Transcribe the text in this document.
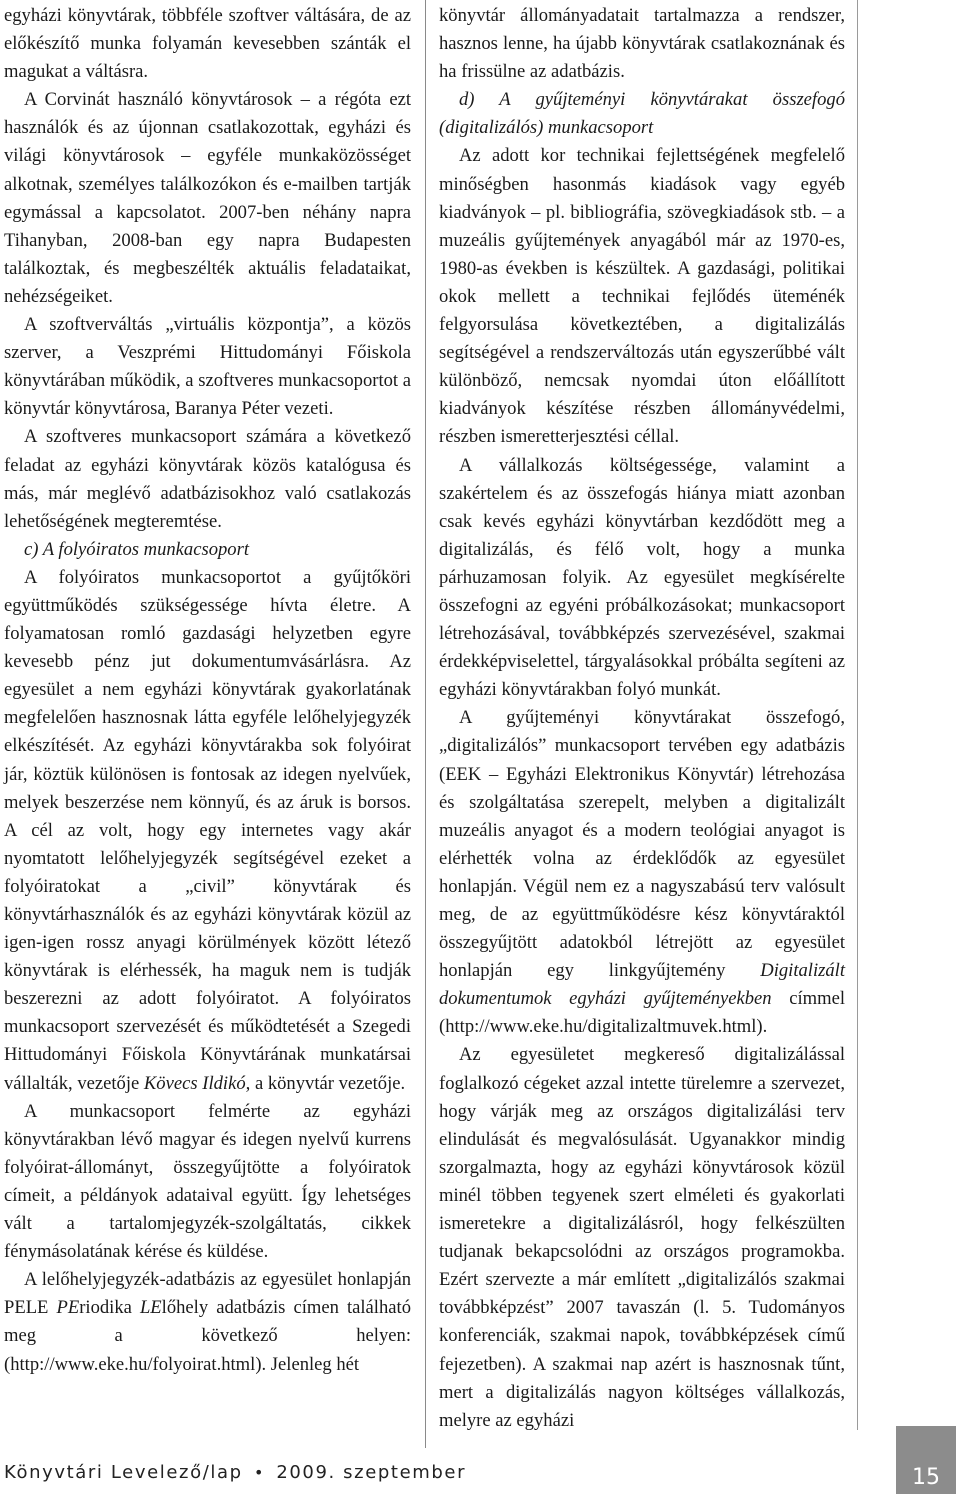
egyházi könyvtárak, többféle szoftver váltására, de az előkészítő munka folyamán kevesebben szánták el magukat a váltásra.

A Corvinát használó könyvtárosok – a régóta ezt használók és az újonnan csatlakozottak, egyházi és világi könyvtárosok – egyféle munkaközösséget alkotnak, személyes találkozókon és e-mailben tartják egymással a kapcsolatot. 2007-ben néhány napra Tihanyban, 2008-ban egy napra Budapesten találkoztak, és megbeszélték aktuális feladataikat, nehézségeiket.

A szoftverváltás „virtuális központja”, a közös szerver, a Veszprémi Hittudományi Főiskola könyvtárában működik, a szoftveres munkacsoportot a könyvtár könyvtárosa, Baranya Péter vezeti.

A szoftveres munkacsoport számára a következő feladat az egyházi könyvtárak közös katalógusa és más, már meglévő adatbázisokhoz való csatlakozás lehetőségének megteremtése.

c) A folyóiratos munkacsoport

A folyóiratos munkacsoportot a gyűjtőköri együttműködés szükségessége hívta életre. A folyamatosan romló gazdasági helyzetben egyre kevesebb pénz jut dokumentumvásárlásra. Az egyesület a nem egyházi könyvtárak gyakorlatának megfelelően hasznosnak látta egyféle lelőhelyjegyzék elkészítését. Az egyházi könyvtárakba sok folyóirat jár, köztük különösen is fontosak az idegen nyelvűek, melyek beszerzése nem könnyű, és az áruk is borsos. A cél az volt, hogy egy internetes vagy akár nyomtatott lelőhelyjegyzék segítségével ezeket a folyóiratokat a „civil” könyvtárak és könyvtárhasználók és az egyházi könyvtárak közül az igen-igen rossz anyagi körülmények között létező könyvtárak is elérhessék, ha maguk nem is tudják beszerezni az adott folyóiratot. A folyóiratos munkacsoport szervezését és működtetését a Szegedi Hittudományi Főiskola Könyvtárának munkatársai vállalták, vezetője Kövecs Ildikó, a könyvtár vezetője.

A munkacsoport felmérte az egyházi könyvtárakban lévő magyar és idegen nyelvű kurrens folyóirat-állományt, összegyűjtötte a folyóiratok címeit, a példányok adataival együtt. Így lehetséges vált a tartalomjegyzék-szolgáltatás, cikkek fénymásolatának kérése és küldése.

A lelőhelyjegyzék-adatbázis az egyesület honlapján PELE PEriodika LElőhely adatbázis címen található meg a következő helyen: (http://www.eke.hu/folyoirat.html). Jelenleg hét

könyvtár állományadatait tartalmazza a rendszer, hasznos lenne, ha újabb könyvtárak csatlakoznának és ha frissülne az adatbázis.

d) A gyűjteményi könyvtárakat összefogó (digitalizálós) munkacsoport

Az adott kor technikai fejlettségének megfelelő minőségben hasonmás kiadások vagy egyéb kiadványok – pl. bibliográfia, szövegkiadások stb. – a muzeális gyűjtemények anyagából már az 1970-es, 1980-as években is készültek. A gazdasági, politikai okok mellett a technikai fejlődés üteménék felgyorsulása következtében, a digitalizálás segítségével a rendszerváltozás után egyszerűbbé vált különböző, nemcsak nyomdai úton előállított kiadványok készítése részben állományvédelmi, részben ismeretterjesztési céllal.

A vállalkozás költségessége, valamint a szakértelem és az összefogás hiánya miatt azonban csak kevés egyházi könyvtárban kezdődött meg a digitalizálás, és félő volt, hogy a munka párhuzamosan folyik. Az egyesület megkísérelte összefogni az egyéni próbálkozásokat; munkacsoport létrehozásával, továbbképzés szervezésével, szakmai érdekképviselettel, tárgyalásokkal próbálta segíteni az egyházi könyvtárakban folyó munkát.

A gyűjteményi könyvtárakat összefogó, „digitalizálós” munkacsoport tervében egy adatbázis (EEK – Egyházi Elektronikus Könyvtár) létrehozása és szolgáltatása szerepelt, melyben a digitalizált muzeális anyagot és a modern teológiai anyagot is elérhették volna az érdeklődők az egyesület honlapján. Végül nem ez a nagyszabású terv valósult meg, de az együttműködésre kész könyvtáraktól összegyűjtött adatokból létrejött az egyesület honlapján egy linkgyűjtemény Digitalizált dokumentumok egyházi gyűjteményekben címmel (http://www.eke.hu/digitalizaltmuvek.html).

Az egyesületet megkereső digitalizálással foglalkozó cégeket azzal intette türelemre a szervezet, hogy várják meg az országos digitalizálási terv elindulását és megvalósulását. Ugyanakkor mindig szorgalmazta, hogy az egyházi könyvtárosok közül minél többen tegyenek szert elméleti és gyakorlati ismeretekre a digitalizálásról, hogy felkészülten tudjanak bekapcsolódni az országos programokba. Ezért szervezte a már említett „digitalizálós szakmai továbbképzést” 2007 tavaszán (l. 5. Tudományos konferenciák, szakmai napok, továbbképzések című fejezetben). A szakmai nap azért is hasznosnak tűnt, mert a digitalizálás nagyon költséges vállalkozás, melyre az egyházi

Könyvtári Levelező/lap • 2009. szeptember	15
